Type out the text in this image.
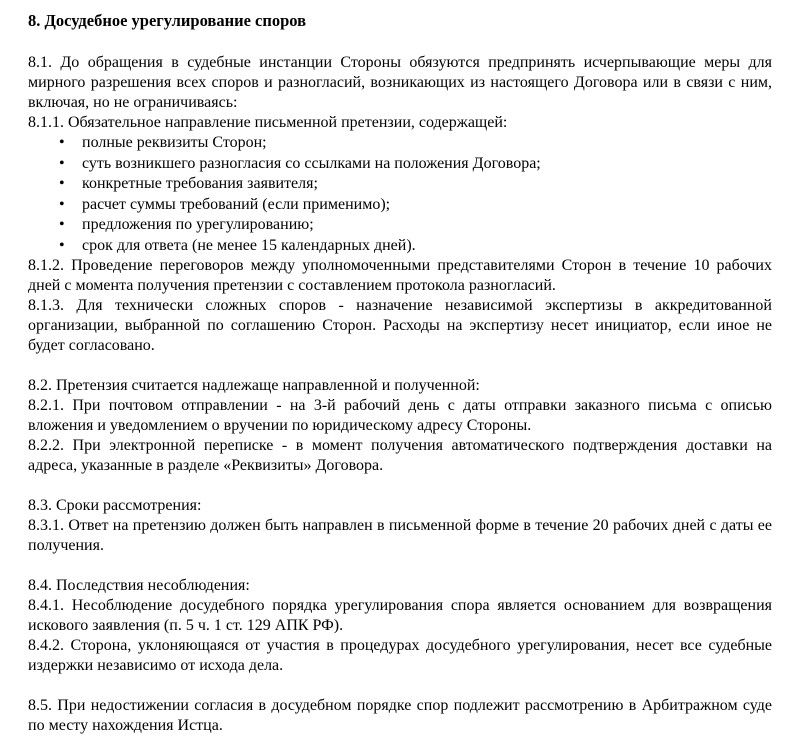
8. Досудебное урегулирование споров

8.1. До обращения в судебные инстанции Стороны обязуются предпринять исчерпывающие меры для мирного разрешения всех споров и разногласий, возникающих из настоящего Договора или в связи с ним, включая, но не ограничиваясь:

8.1.1. Обязательное направление письменной претензии, содержащей:

• полные реквизиты Сторон;
• суть возникшего разногласия со ссылками на положения Договора;
• конкретные требования заявителя;
• расчет суммы требований (если применимо);
• предложения по урегулированию;
• срок для ответа (не менее 15 календарных дней).

8.1.2. Проведение переговоров между уполномоченными представителями Сторон в течение 10 рабочих дней с момента получения претензии с составлением протокола разногласий.

8.1.3. Для технически сложных споров - назначение независимой экспертизы в аккредитованной организации, выбранной по соглашению Сторон. Расходы на экспертизу несет инициатор, если иное не будет согласовано.

8.2. Претензия считается надлежаще направленной и полученной:

8.2.1. При почтовом отправлении - на 3-й рабочий день с даты отправки заказного письма с описью вложения и уведомлением о вручении по юридическому адресу Стороны.

8.2.2. При электронной переписке - в момент получения автоматического подтверждения доставки на адреса, указанные в разделе «Реквизиты» Договора.

8.3. Сроки рассмотрения:

8.3.1. Ответ на претензию должен быть направлен в письменной форме в течение 20 рабочих дней с даты ее получения.

8.4. Последствия несоблюдения:

8.4.1. Несоблюдение досудебного порядка урегулирования спора является основанием для возвращения искового заявления (п. 5 ч. 1 ст. 129 АПК РФ).

8.4.2. Сторона, уклоняющаяся от участия в процедурах досудебного урегулирования, несет все судебные издержки независимо от исхода дела.

8.5. При недостижении согласия в досудебном порядке спор подлежит рассмотрению в Арбитражном суде по месту нахождения Истца.
